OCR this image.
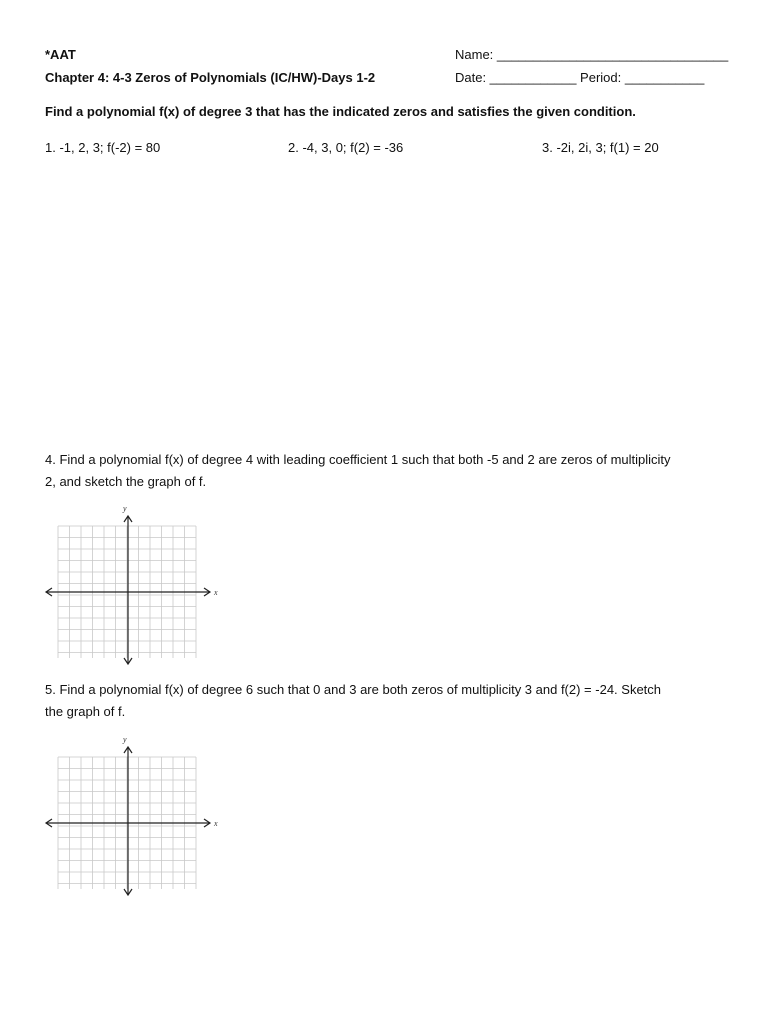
*AAT
Chapter 4: 4-3 Zeros of Polynomials (IC/HW)-Days 1-2
Name: ________________________________
Date: ____________ Period: ___________
Find a polynomial f(x) of degree 3 that has the indicated zeros and satisfies the given condition.
1. -1, 2, 3; f(-2) = 80	2. -4, 3, 0; f(2) = -36	3. -2i, 2i, 3; f(1) = 20
4. Find a polynomial f(x) of degree 4 with leading coefficient 1 such that both -5 and 2 are zeros of multiplicity
2, and sketch the graph of f.
y
x
5. Find a polynomial f(x) of degree 6 such that 0 and 3 are both zeros of multiplicity 3 and f(2) = -24. Sketch
the graph of f.
y
x
